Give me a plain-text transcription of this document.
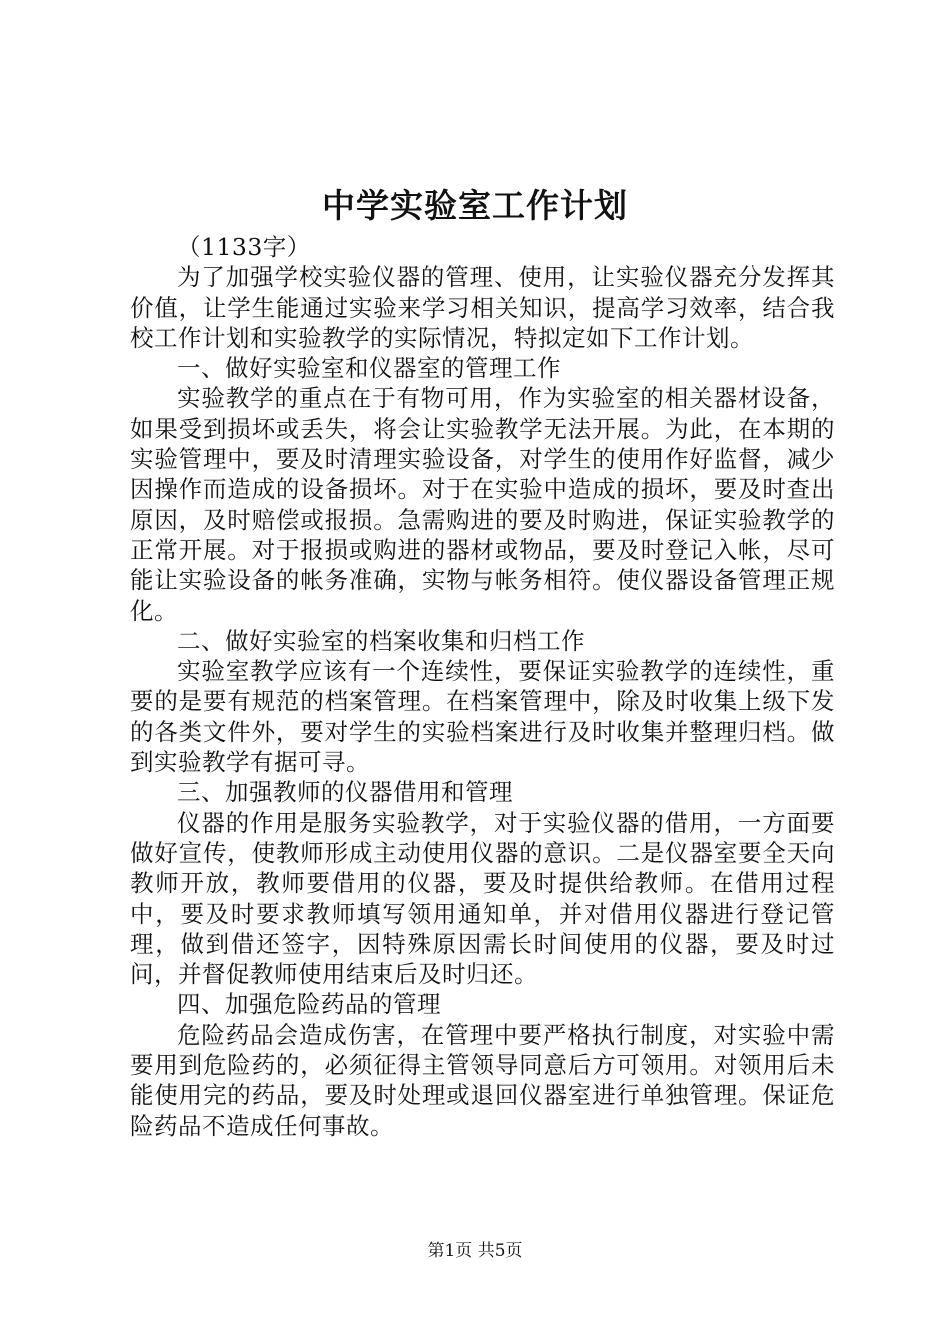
中学实验室工作计划

（1133字）

为了加强学校实验仪器的管理、使用，让实验仪器充分发挥其价值，让学生能通过实验来学习相关知识，提高学习效率，结合我校工作计划和实验教学的实际情况，特拟定如下工作计划。

一、做好实验室和仪器室的管理工作

实验教学的重点在于有物可用，作为实验室的相关器材设备，如果受到损坏或丢失，将会让实验教学无法开展。为此，在本期的实验管理中，要及时清理实验设备，对学生的使用作好监督，减少因操作而造成的设备损坏。对于在实验中造成的损坏，要及时查出原因，及时赔偿或报损。急需购进的要及时购进，保证实验教学的正常开展。对于报损或购进的器材或物品，要及时登记入帐，尽可能让实验设备的帐务准确，实物与帐务相符。使仪器设备管理正规化。

二、做好实验室的档案收集和归档工作

实验室教学应该有一个连续性，要保证实验教学的连续性，重要的是要有规范的档案管理。在档案管理中，除及时收集上级下发的各类文件外，要对学生的实验档案进行及时收集并整理归档。做到实验教学有据可寻。

三、加强教师的仪器借用和管理

仪器的作用是服务实验教学，对于实验仪器的借用，一方面要做好宣传，使教师形成主动使用仪器的意识。二是仪器室要全天向教师开放，教师要借用的仪器，要及时提供给教师。在借用过程中，要及时要求教师填写领用通知单，并对借用仪器进行登记管理，做到借还签字，因特殊原因需长时间使用的仪器，要及时过问，并督促教师使用结束后及时归还。

四、加强危险药品的管理

危险药品会造成伤害，在管理中要严格执行制度，对实验中需要用到危险药的，必须征得主管领导同意后方可领用。对领用后未能使用完的药品，要及时处理或退回仪器室进行单独管理。保证危险药品不造成任何事故。

第1页 共5页
